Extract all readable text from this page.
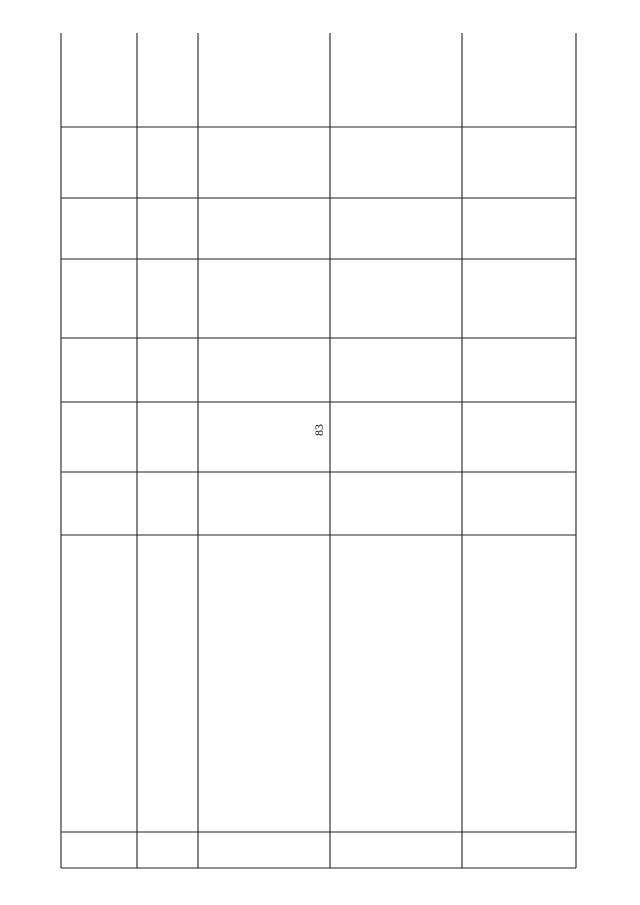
83
